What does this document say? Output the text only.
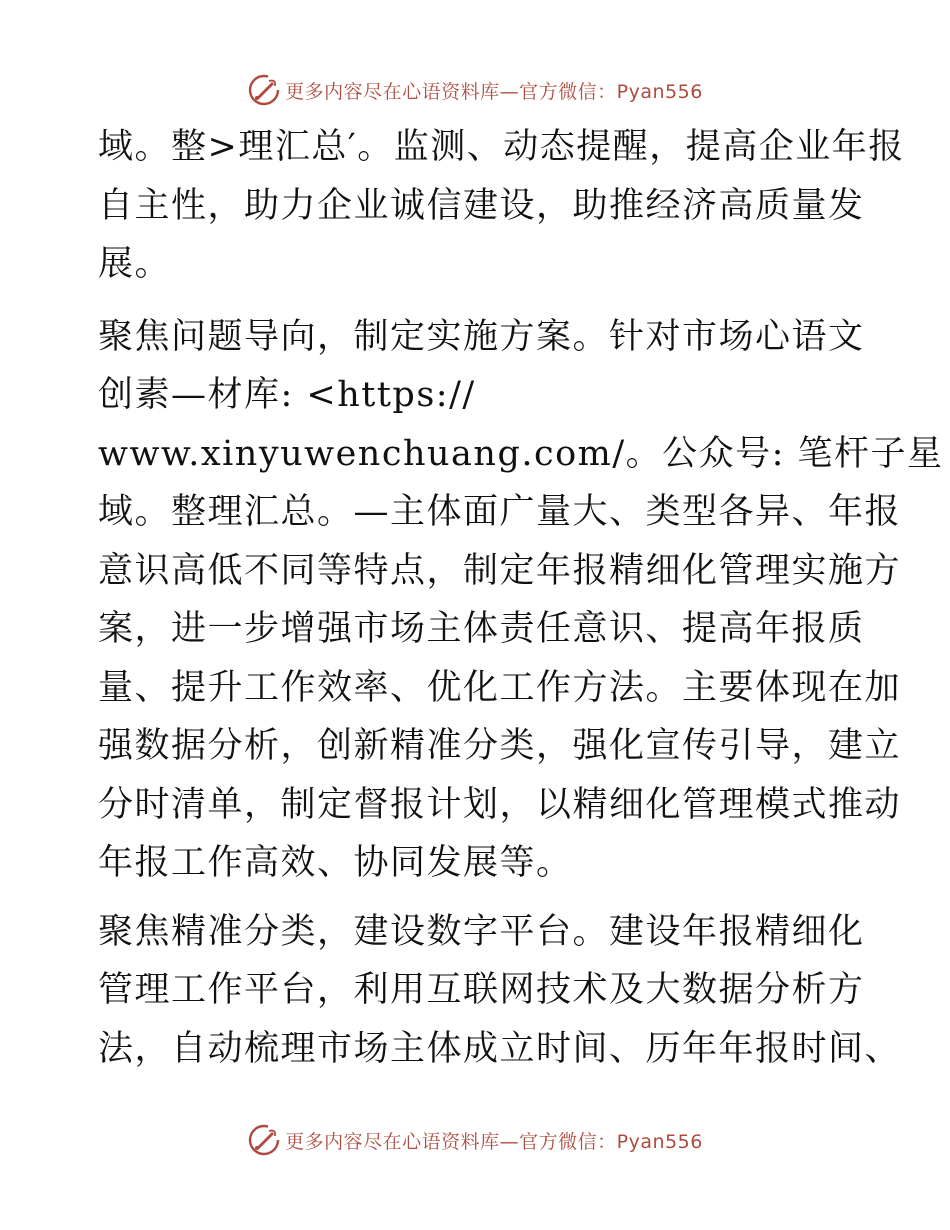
更多内容尽在心语资料库—官方微信：Pyan556

域。整>理汇总′。监测、动态提醒，提高企业年报
自主性，助力企业诚信建设，助推经济高质量发
展。

聚焦问题导向，制定实施方案。针对市场心语文
创素—材库: <https://
www.xinyuwenchuang.com/。公众号: 笔杆子星
域。整理汇总。—主体面广量大、类型各异、年报
意识高低不同等特点，制定年报精细化管理实施方
案，进一步增强市场主体责任意识、提高年报质
量、提升工作效率、优化工作方法。主要体现在加
强数据分析，创新精准分类，强化宣传引导，建立
分时清单，制定督报计划，以精细化管理模式推动
年报工作高效、协同发展等。

聚焦精准分类，建设数字平台。建设年报精细化
管理工作平台，利用互联网技术及大数据分析方
法，自动梳理市场主体成立时间、历年年报时间、

更多内容尽在心语资料库—官方微信：Pyan556
